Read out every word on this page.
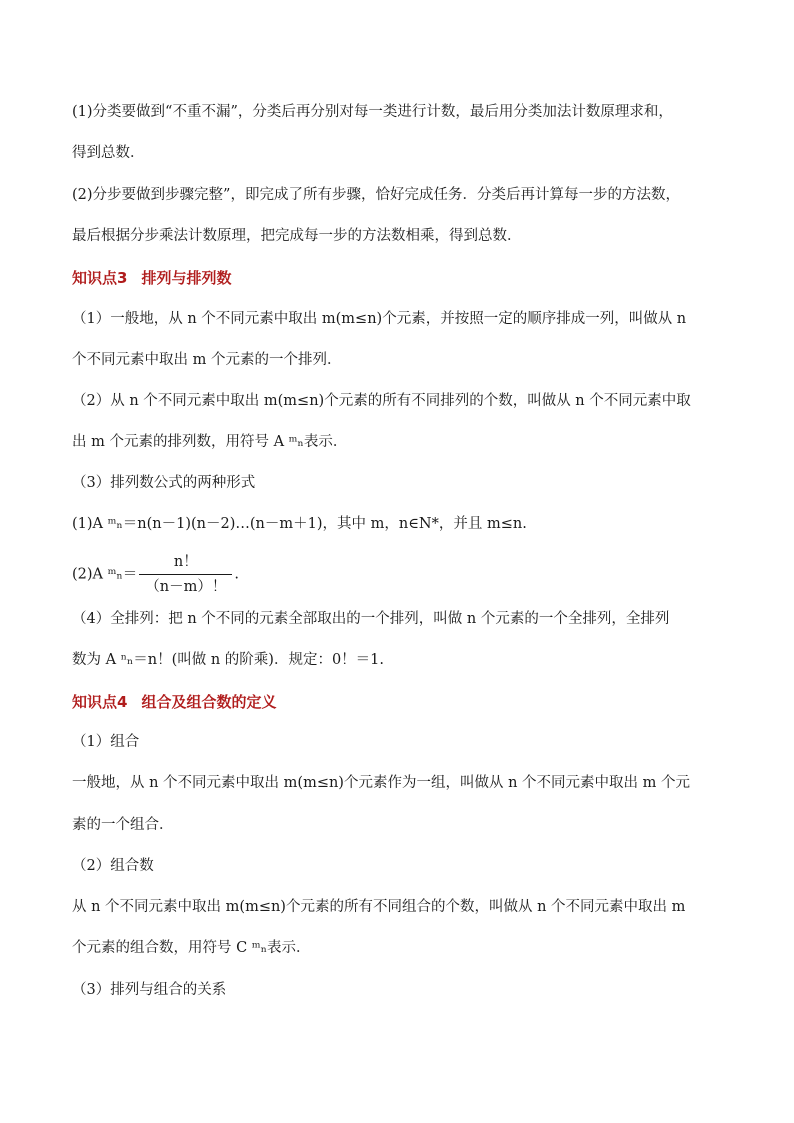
(1)分类要做到“不重不漏”，分类后再分别对每一类进行计数，最后用分类加法计数原理求和，
得到总数．
(2)分步要做到步骤完整”，即完成了所有步骤，恰好完成任务．分类后再计算每一步的方法数，
最后根据分步乘法计数原理，把完成每一步的方法数相乘，得到总数．
知识点3 排列与排列数
（1）一般地，从 n 个不同元素中取出 m(m≤n)个元素，并按照一定的顺序排成一列，叫做从 n
个不同元素中取出 m 个元素的一个排列．
（2）从 n 个不同元素中取出 m(m≤n)个元素的所有不同排列的个数，叫做从 n 个不同元素中取
出 m 个元素的排列数，用符号 A ᵐₙ表示．
（3）排列数公式的两种形式
(1)A ᵐₙ＝n(n－1)(n－2)…(n－m＋1)，其中 m，n∈N*，并且 m≤n.
(2)A ᵐₙ＝ $\frac{n!}{(n-m)!}$ .
（4）全排列：把 n 个不同的元素全部取出的一个排列，叫做 n 个元素的一个全排列，全排列
数为 A ⁿₙ＝n！(叫做 n 的阶乘)．规定：0！＝1.
知识点4 组合及组合数的定义
（1）组合
一般地，从 n 个不同元素中取出 m(m≤n)个元素作为一组，叫做从 n 个不同元素中取出 m 个元
素的一个组合．
（2）组合数
从 n 个不同元素中取出 m(m≤n)个元素的所有不同组合的个数，叫做从 n 个不同元素中取出 m
个元素的组合数，用符号 C ᵐₙ表示．
（3）排列与组合的关系
